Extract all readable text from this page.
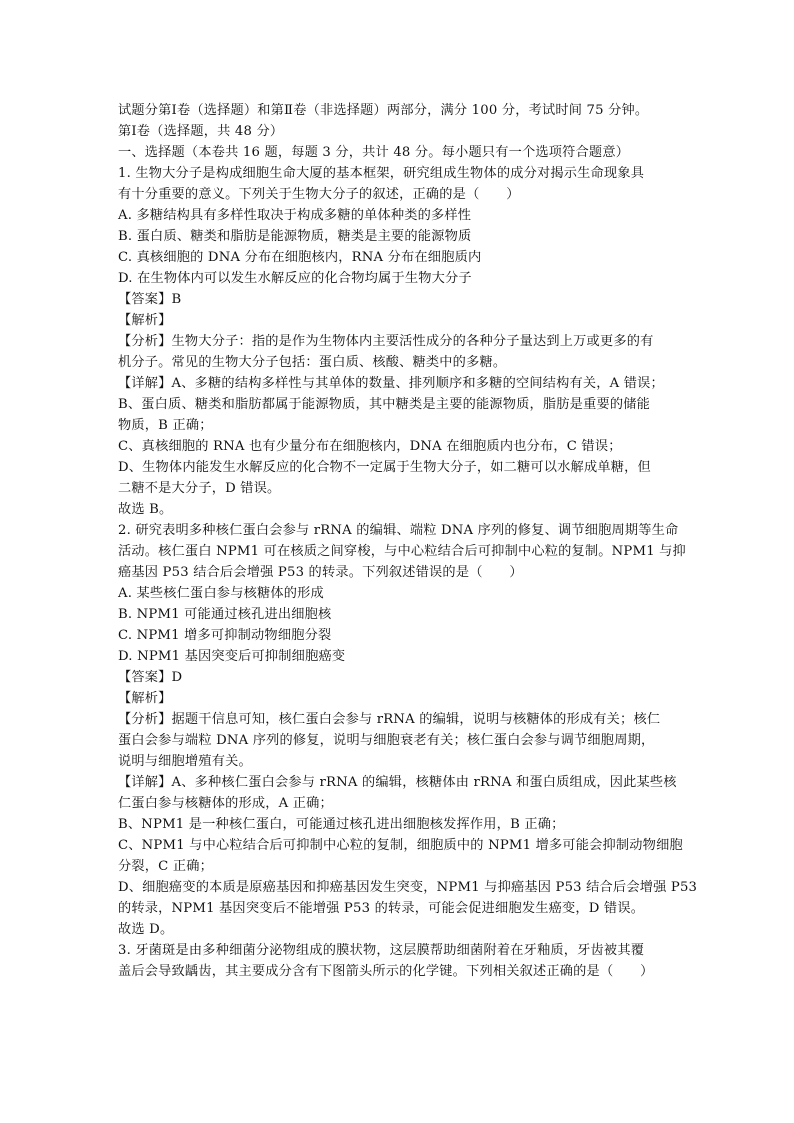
试题分第Ⅰ卷（选择题）和第Ⅱ卷（非选择题）两部分，满分 100 分，考试时间 75 分钟。
第Ⅰ卷（选择题，共 48 分）
一、选择题（本卷共 16 题，每题 3 分，共计 48 分。每小题只有一个选项符合题意）
1. 生物大分子是构成细胞生命大厦的基本框架，研究组成生物体的成分对揭示生命现象具
有十分重要的意义。下列关于生物大分子的叙述，正确的是（　　）
A. 多糖结构具有多样性取决于构成多糖的单体种类的多样性
B. 蛋白质、糖类和脂肪是能源物质，糖类是主要的能源物质
C. 真核细胞的 DNA 分布在细胞核内，RNA 分布在细胞质内
D. 在生物体内可以发生水解反应的化合物均属于生物大分子
【答案】B
【解析】
【分析】生物大分子：指的是作为生物体内主要活性成分的各种分子量达到上万或更多的有
机分子。常见的生物大分子包括：蛋白质、核酸、糖类中的多糖。
【详解】A、多糖的结构多样性与其单体的数量、排列顺序和多糖的空间结构有关，A 错误；
B、蛋白质、糖类和脂肪都属于能源物质，其中糖类是主要的能源物质，脂肪是重要的储能
物质，B 正确；
C、真核细胞的 RNA 也有少量分布在细胞核内，DNA 在细胞质内也分布，C 错误；
D、生物体内能发生水解反应的化合物不一定属于生物大分子，如二糖可以水解成单糖，但
二糖不是大分子，D 错误。
故选 B。
2. 研究表明多种核仁蛋白会参与 rRNA 的编辑、端粒 DNA 序列的修复、调节细胞周期等生命
活动。核仁蛋白 NPM1 可在核质之间穿梭，与中心粒结合后可抑制中心粒的复制。NPM1 与抑
癌基因 P53 结合后会增强 P53 的转录。下列叙述错误的是（　　）
A. 某些核仁蛋白参与核糖体的形成
B. NPM1 可能通过核孔进出细胞核
C. NPM1 增多可抑制动物细胞分裂
D. NPM1 基因突变后可抑制细胞癌变
【答案】D
【解析】
【分析】据题干信息可知，核仁蛋白会参与 rRNA 的编辑，说明与核糖体的形成有关；核仁
蛋白会参与端粒 DNA 序列的修复，说明与细胞衰老有关；核仁蛋白会参与调节细胞周期，
说明与细胞增殖有关。
【详解】A、多种核仁蛋白会参与 rRNA 的编辑，核糖体由 rRNA 和蛋白质组成，因此某些核
仁蛋白参与核糖体的形成，A 正确；
B、NPM1 是一种核仁蛋白，可能通过核孔进出细胞核发挥作用，B 正确；
C、NPM1 与中心粒结合后可抑制中心粒的复制，细胞质中的 NPM1 增多可能会抑制动物细胞
分裂，C 正确；
D、细胞癌变的本质是原癌基因和抑癌基因发生突变，NPM1 与抑癌基因 P53 结合后会增强 P53
的转录，NPM1 基因突变后不能增强 P53 的转录，可能会促进细胞发生癌变，D 错误。
故选 D。
3. 牙菌斑是由多种细菌分泌物组成的膜状物，这层膜帮助细菌附着在牙釉质，牙齿被其覆
盖后会导致龋齿，其主要成分含有下图箭头所示的化学键。下列相关叙述正确的是（　　）
